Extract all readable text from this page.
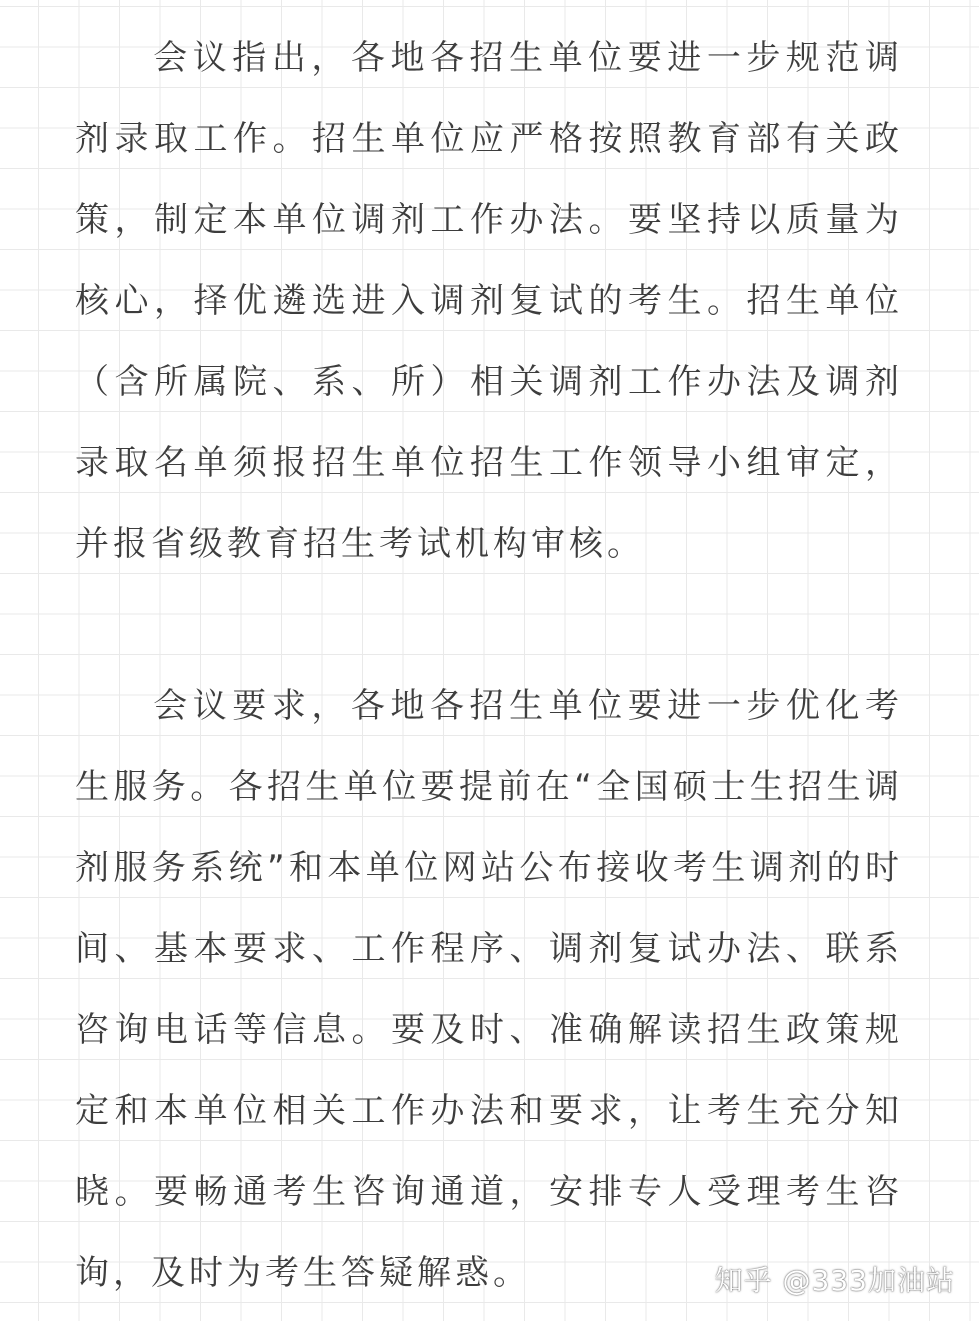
会议指出，各地各招生单位要进一步规范调剂录取工作。招生单位应严格按照教育部有关政策，制定本单位调剂工作办法。要坚持以质量为核心，择优遴选进入调剂复试的考生。招生单位（含所属院、系、所）相关调剂工作办法及调剂录取名单须报招生单位招生工作领导小组审定，并报省级教育招生考试机构审核。

会议要求，各地各招生单位要进一步优化考生服务。各招生单位要提前在“全国硕士生招生调剂服务系统”和本单位网站公布接收考生调剂的时间、基本要求、工作程序、调剂复试办法、联系咨询电话等信息。要及时、准确解读招生政策规定和本单位相关工作办法和要求，让考生充分知晓。要畅通考生咨询通道，安排专人受理考生咨询，及时为考生答疑解惑。	知乎 @333加油站
